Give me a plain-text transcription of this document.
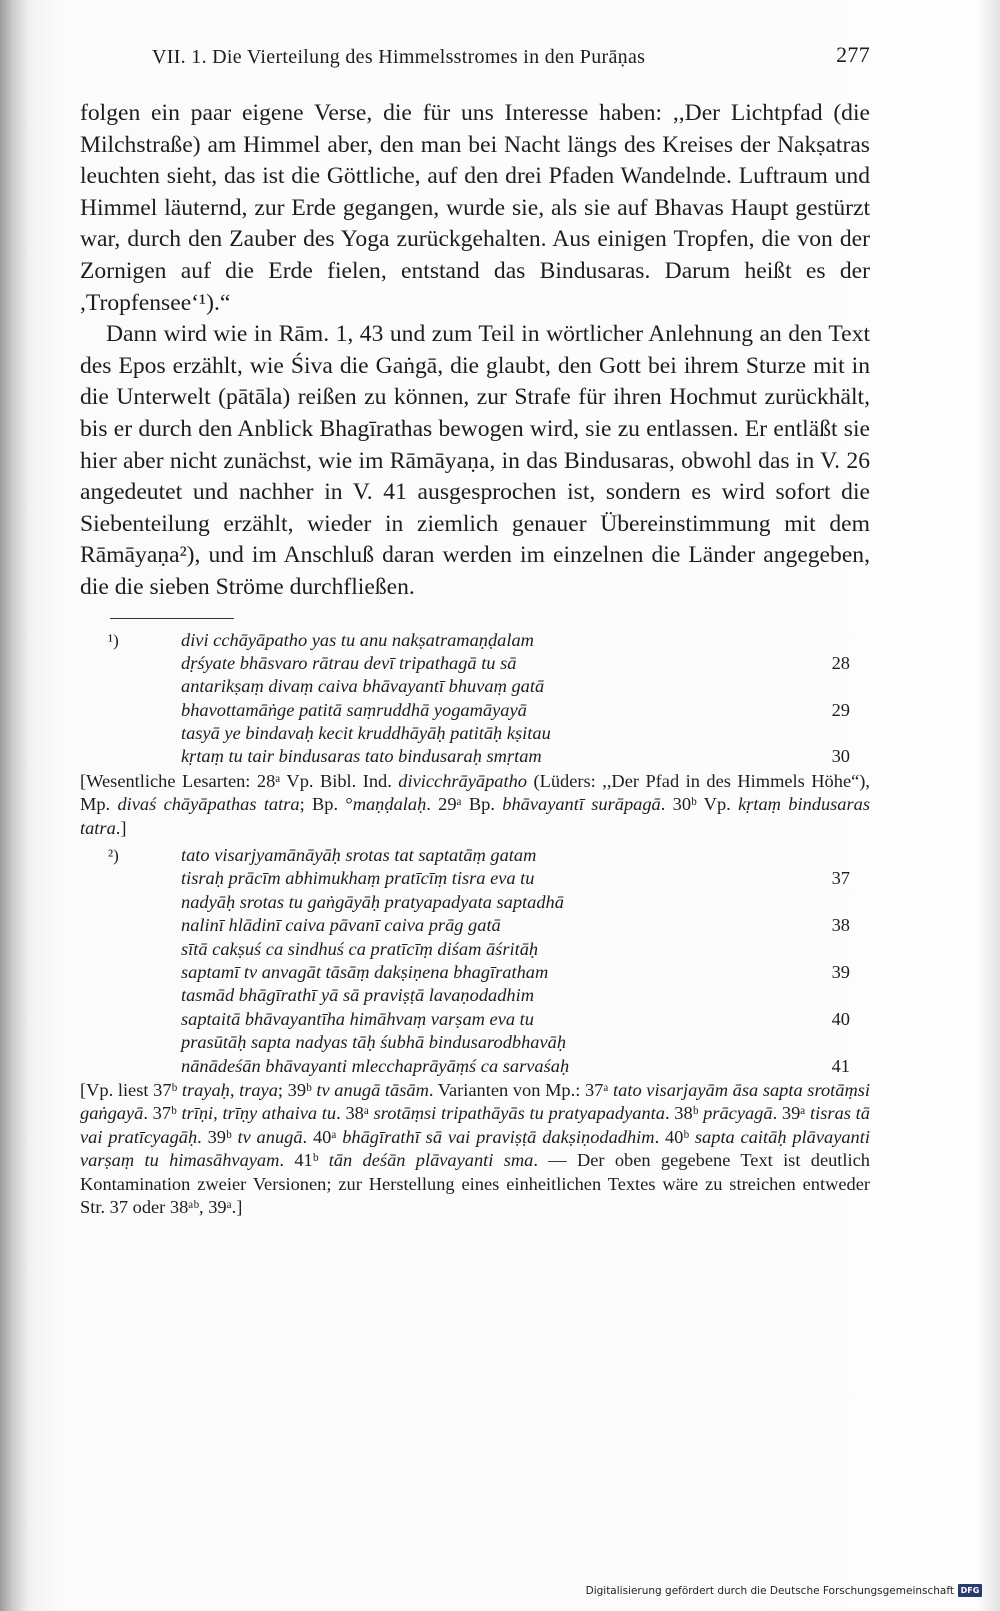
VII. 1. Die Vierteilung des Himmelsstromes in den Purāṇas	277

folgen ein paar eigene Verse, die für uns Interesse haben: ,,Der Lichtpfad (die Milchstraße) am Himmel aber, den man bei Nacht längs des Kreises der Nakṣatras leuchten sieht, das ist die Göttliche, auf den drei Pfaden Wandelnde. Luftraum und Himmel läuternd, zur Erde gegangen, wurde sie, als sie auf Bhavas Haupt gestürzt war, durch den Zauber des Yoga zurückgehalten. Aus einigen Tropfen, die von der Zornigen auf die Erde fielen, entstand das Bindusaras. Darum heißt es der ,Tropfensee‘¹).“

Dann wird wie in Rām. 1, 43 und zum Teil in wörtlicher Anlehnung an den Text des Epos erzählt, wie Śiva die Gaṅgā, die glaubt, den Gott bei ihrem Sturze mit in die Unterwelt (pātāla) reißen zu können, zur Strafe für ihren Hochmut zurückhält, bis er durch den Anblick Bhagīrathas bewogen wird, sie zu entlassen. Er entläßt sie hier aber nicht zunächst, wie im Rāmāyaṇa, in das Bindusaras, obwohl das in V. 26 angedeutet und nachher in V. 41 ausgesprochen ist, sondern es wird sofort die Siebenteilung erzählt, wieder in ziemlich genauer Übereinstimmung mit dem Rāmāyaṇa²), und im Anschluß daran werden im einzelnen die Länder angegeben, die die sieben Ströme durchfließen.

¹)	divi cchāyāpatho yas tu anu nakṣatramaṇḍalam
dṛśyate bhāsvaro rātrau devī tripathagā tu sā	28
antarikṣaṃ divaṃ caiva bhāvayantī bhuvaṃ gatā
bhavottamāṅge patitā saṃruddhā yogamāyayā	29
tasyā ye bindavaḥ kecit kruddhāyāḥ patitāḥ kṣitau
kṛtaṃ tu tair bindusaras tato bindusaraḥ smṛtam	30
[Wesentliche Lesarten: 28ᵃ Vp. Bibl. Ind. divicchrāyāpatho (Lüders: ,,Der Pfad in des Himmels Höhe“), Mp. divaś chāyāpathas tatra; Bp. °maṇḍalaḥ. 29ᵃ Bp. bhāvayantī surāpagā. 30ᵇ Vp. kṛtaṃ bindusaras tatra.]
²)	tato visarjyamānāyāḥ srotas tat saptatāṃ gatam
tisraḥ prācīm abhimukhaṃ pratīcīṃ tisra eva tu	37
nadyāḥ srotas tu gaṅgāyāḥ pratyapadyata saptadhā
nalinī hlādinī caiva pāvanī caiva prāg gatā	38
sītā cakṣuś ca sindhuś ca pratīcīṃ diśam āśritāḥ
saptamī tv anvagāt tāsāṃ dakṣiṇena bhagīratham	39
tasmād bhāgīrathī yā sā praviṣṭā lavaṇodadhim
saptaitā bhāvayantīha himāhvaṃ varṣam eva tu	40
prasūtāḥ sapta nadyas tāḥ śubhā bindusarodbhavāḥ
nānādeśān bhāvayanti mlecchaprāyāṃś ca sarvaśaḥ	41
[Vp. liest 37ᵇ trayaḥ, traya; 39ᵇ tv anugā tāsām. Varianten von Mp.: 37ᵃ tato visarjayām āsa sapta srotāṃsi gaṅgayā. 37ᵇ trīṇi, trīṇy athaiva tu. 38ᵃ srotāṃsi tripathāyās tu pratyapadyanta. 38ᵇ prācyagā. 39ᵃ tisras tā vai pratīcyagāḥ. 39ᵇ tv anugā. 40ᵃ bhāgīrathī sā vai praviṣṭā dakṣiṇodadhim. 40ᵇ sapta caitāḥ plāvayanti varṣaṃ tu himasāhvayam. 41ᵇ tān deśān plāvayanti sma. — Der oben gegebene Text ist deutlich Kontamination zweier Versionen; zur Herstellung eines einheitlichen Textes wäre zu streichen entweder Str. 37 oder 38ᵃᵇ, 39ᵃ.]
Digitalisierung gefördert durch die Deutsche Forschungsgemeinschaft DFG
